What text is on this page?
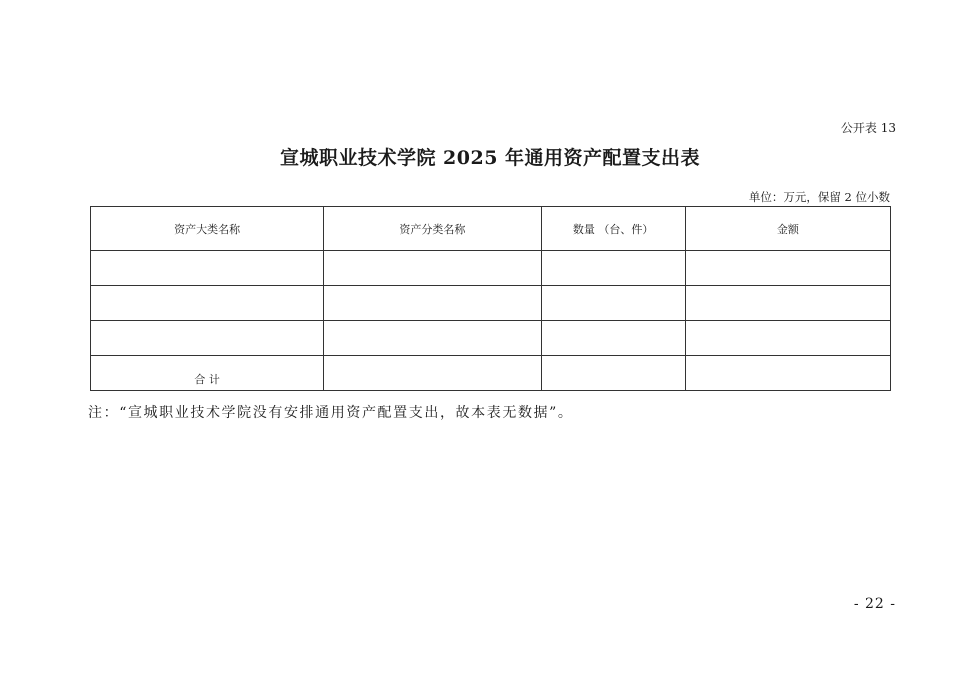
公开表 13
宣城职业技术学院 2025 年通用资产配置支出表
单位：万元，保留 2 位小数
资产大类名称	资产分类名称	数量 （台、件）	金额

合 计			
注：“宣城职业技术学院没有安排通用资产配置支出，故本表无数据”。
- 22 -
